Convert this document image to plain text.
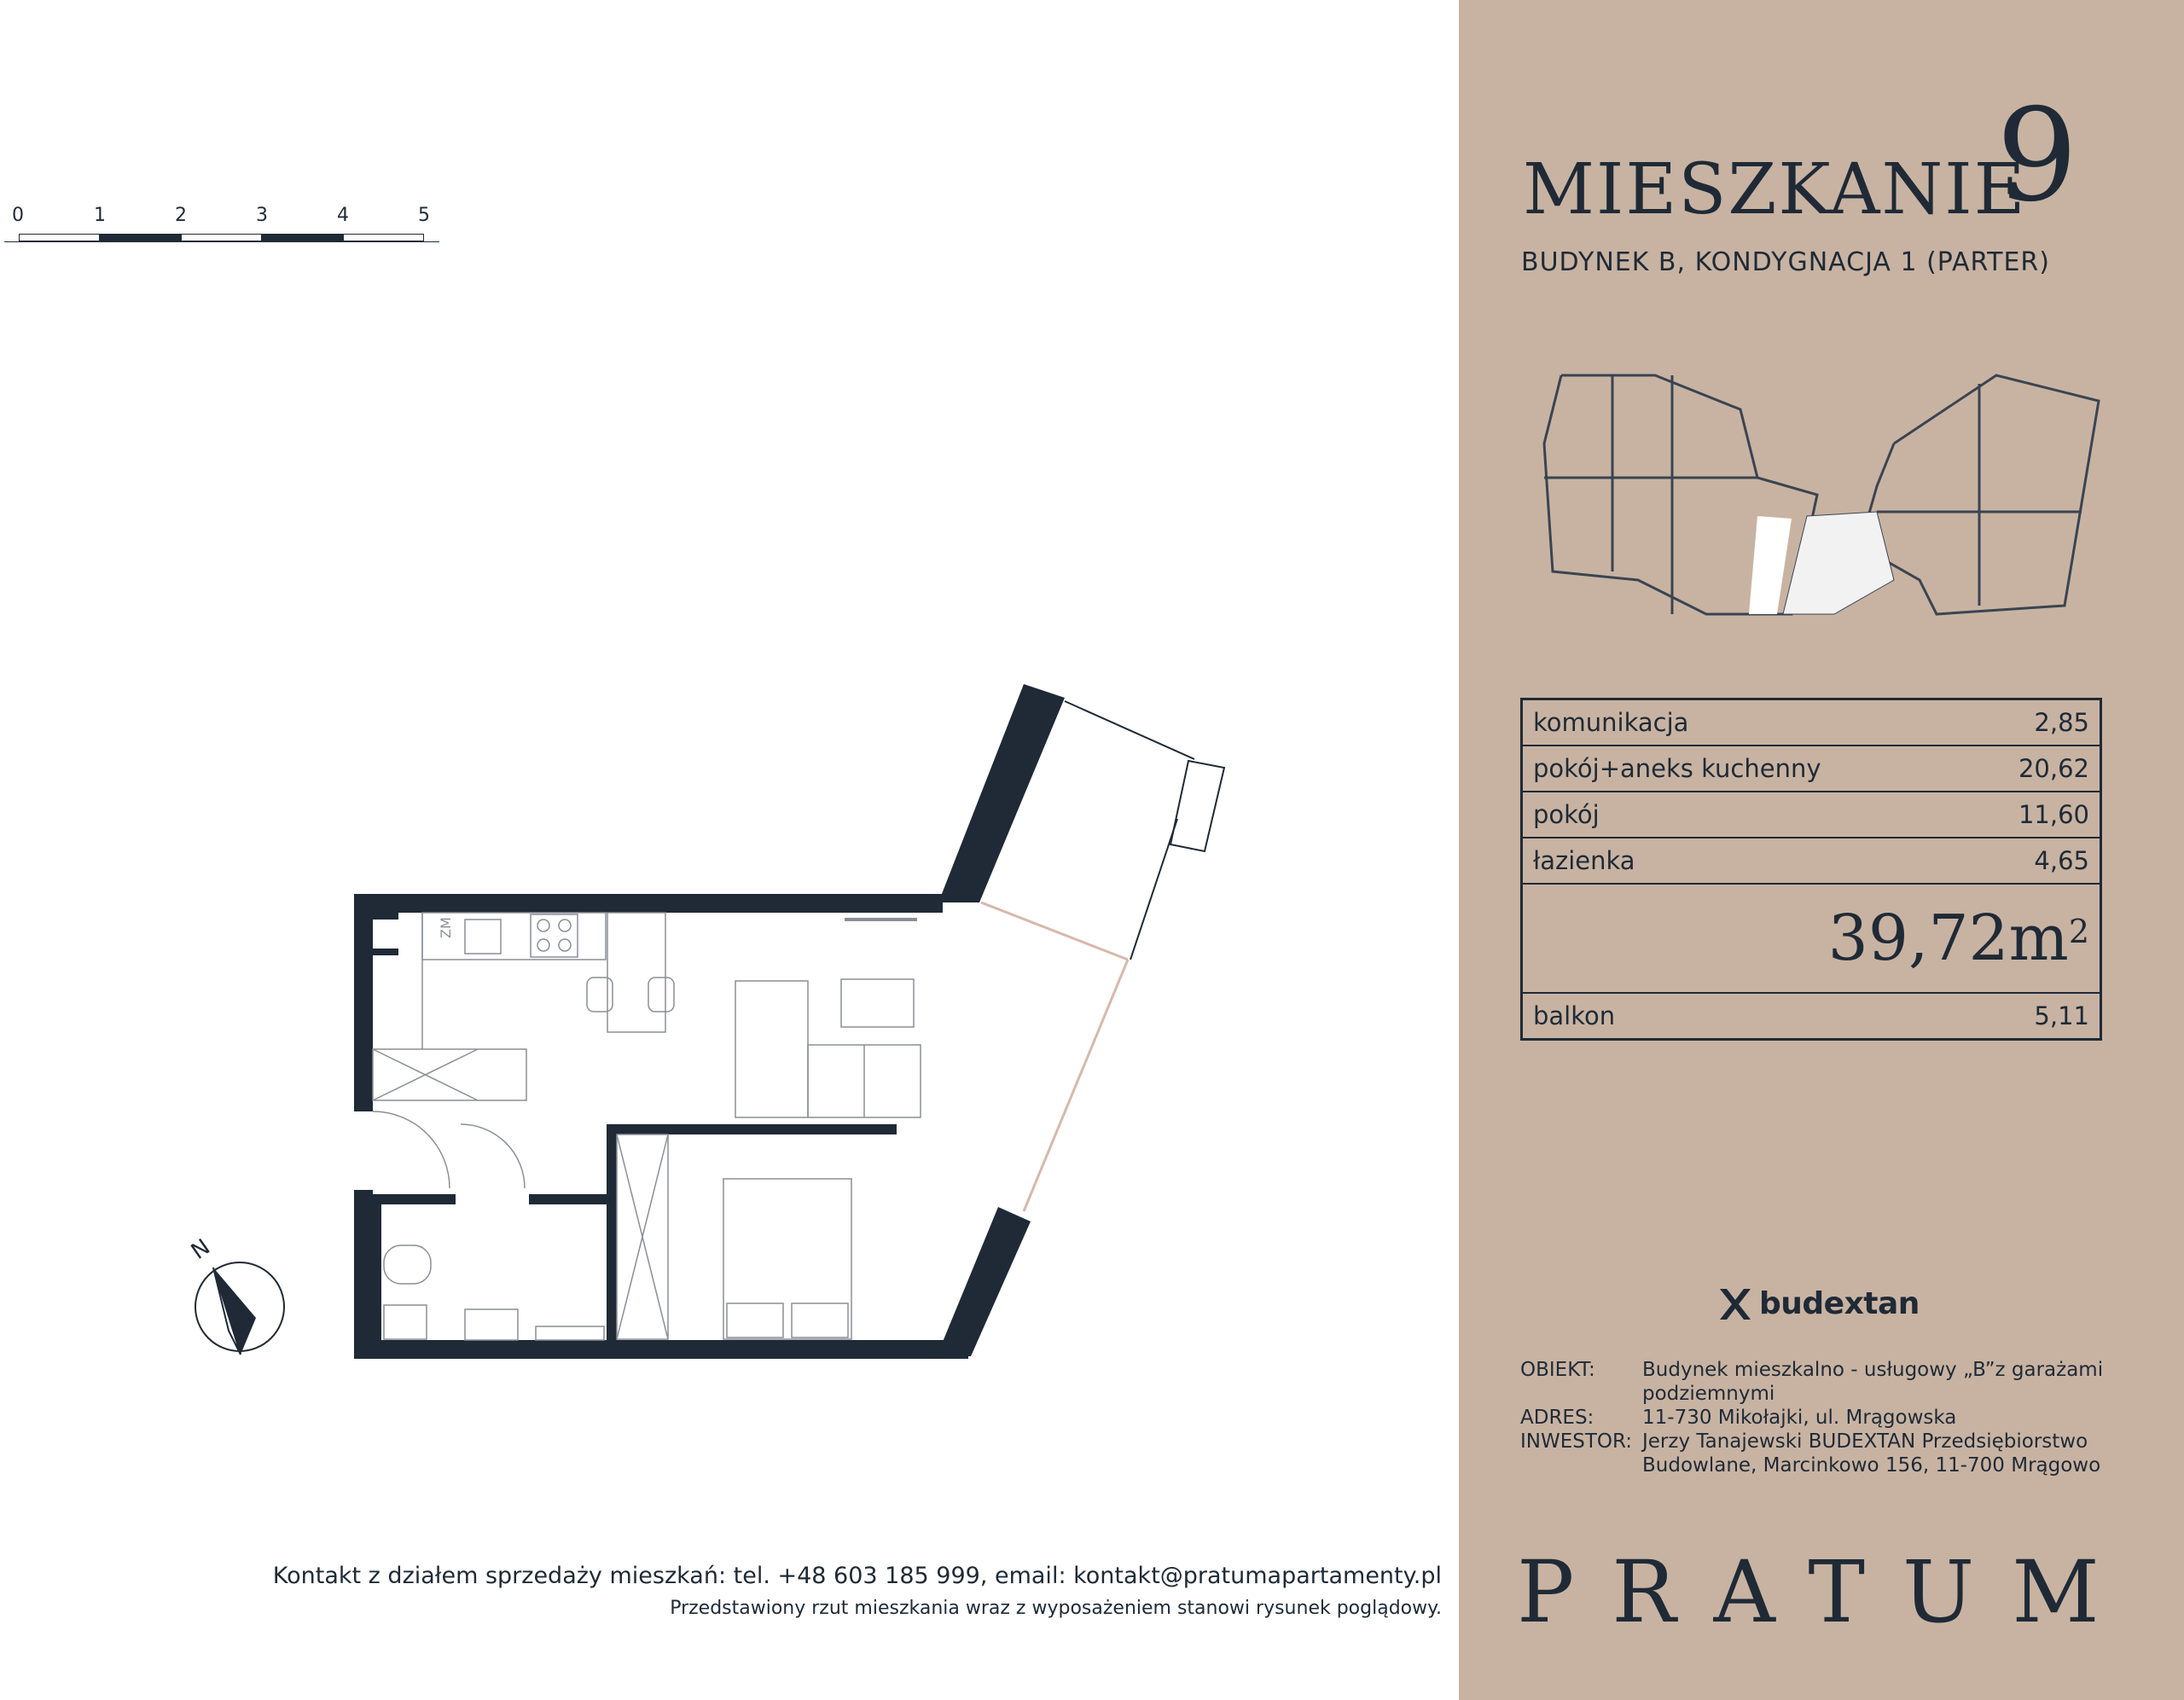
0	1	2	3	4	5
ZM
N
MIESZKANIE
9
BUDYNEK B, KONDYGNACJA 1 (PARTER)
komunikacja	2,85
pokój+aneks kuchenny	20,62
pokój	11,60
łazienka	4,65
$39,72m^2$
balkon	5,11
budextan
OBIEKT:	Budynek mieszkalno - usługowy „B”z garażami podziemnymi
ADRES:	11-730 Mikołajki, ul. Mrągowska
INWESTOR: Jerzy Tanajewski BUDEXTAN Przedsiębiorstwo Budowlane, Marcinkowo 156, 11-700 Mrągowo
PRATUM
Kontakt z działem sprzedaży mieszkań: tel. +48 603 185 999, email: kontakt@pratumapartamenty.pl
Przedstawiony rzut mieszkania wraz z wyposażeniem stanowi rysunek poglądowy.
